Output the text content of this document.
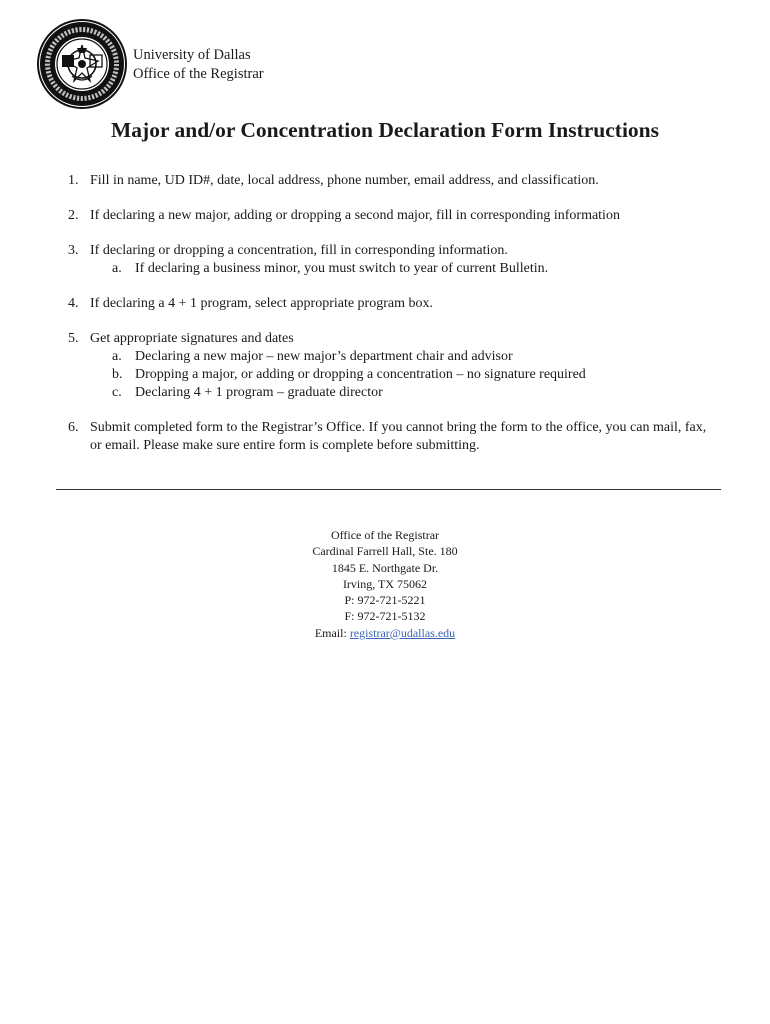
University of Dallas
Office of the Registrar
Major and/or Concentration Declaration Form Instructions
1. Fill in name, UD ID#, date, local address, phone number, email address, and classification.
2. If declaring a new major, adding or dropping a second major, fill in corresponding information
3. If declaring or dropping a concentration, fill in corresponding information.
a. If declaring a business minor, you must switch to year of current Bulletin.
4. If declaring a 4 + 1 program, select appropriate program box.
5. Get appropriate signatures and dates
a. Declaring a new major – new major’s department chair and advisor
b. Dropping a major, or adding or dropping a concentration – no signature required
c. Declaring 4 + 1 program – graduate director
6. Submit completed form to the Registrar’s Office. If you cannot bring the form to the office, you can mail, fax, or email. Please make sure entire form is complete before submitting.
Office of the Registrar
Cardinal Farrell Hall, Ste. 180
1845 E. Northgate Dr.
Irving, TX 75062
P: 972-721-5221
F: 972-721-5132
Email: registrar@udallas.edu
